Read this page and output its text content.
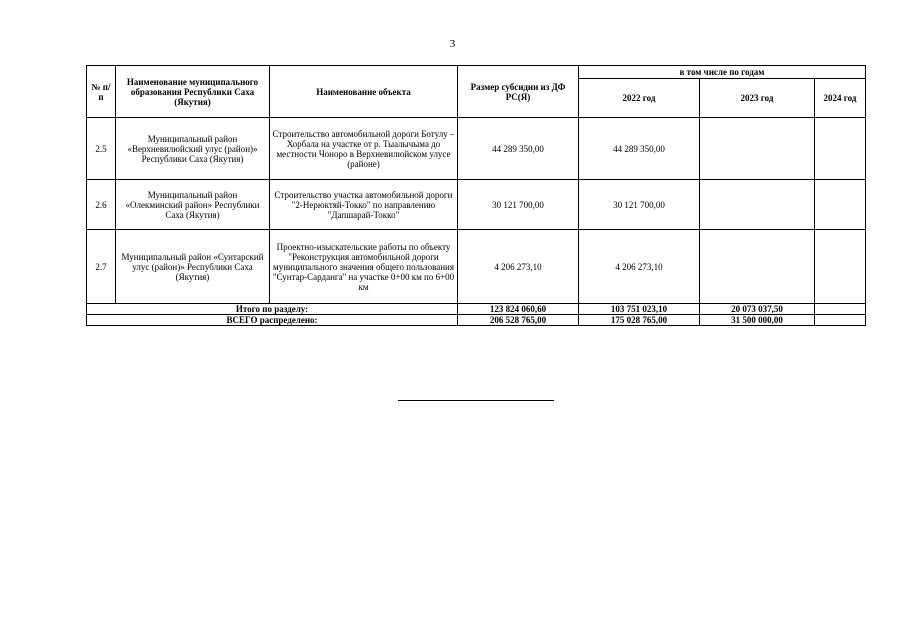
3
№ п/п	Наименование муниципального образования Республики Саха (Якутия)	Наименование объекта	Размер субсидии из ДФ РС(Я)	в том числе по годам		
				2022 год	2023 год	2024 год
2.5	Муниципальный район «Верхневилюйский улус (район)» Республики Саха (Якутия)	Строительство автомобильной дороги Ботулу – Хорбала на участке от р. Тыалычыма до местности Чоноро в Верхневилюйском улусе (районе)	44 289 350,00	44 289 350,00		
2.6	Муниципальный район «Олекминский район» Республики Саха (Якутия)	Строительство участка автомобильной дороги "2-Нерюктяй-Токко" по направлению "Дапшарай-Токко"	30 121 700,00	30 121 700,00		
2.7	Муниципальный район «Сунтарский улус (район)» Республики Саха (Якутия)	Проектно-изыскательские работы по объекту "Реконструкция автомобильной дороги муниципального значения общего пользования "Сунтар-Сарданга" на участке 0+00 км по 6+00 км	4 206 273,10	4 206 273,10		
Итого по разделу:			123 824 060,60	103 751 023,10	20 073 037,50	
ВСЕГО распределено:			206 528 765,00	175 028 765,00	31 500 000,00	
